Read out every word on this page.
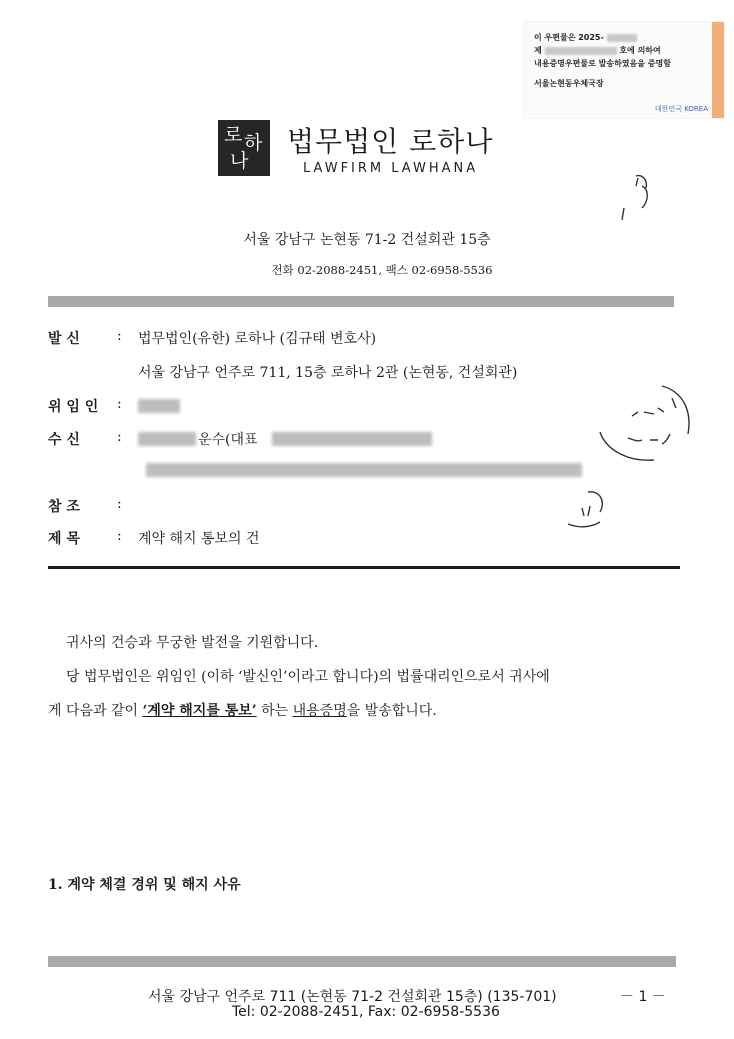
이 우편물은 2025-
제	호에 의하여
내용증명우편물로 발송하였음을 증명함
서울논현동우체국장
대한민국 KOREA
로 하
나
법무법인 로하나
LAWFIRM LAWHANA
서울 강남구 논현동 71-2 건설회관 15층
전화 02-2088-2451, 팩스 02-6958-5536
발 신	: 법무법인(유한) 로하나 (김규태 변호사)
서울 강남구 언주로 711, 15층 로하나 2관 (논현동, 건설회관)
위 임 인 :
수 신	:	운수(대표
참 조	:
제 목	: 계약 해지 통보의 건
귀사의 건승과 무궁한 발전을 기원합니다.
당 법무법인은 위임인 (이하 ‘발신인’이라고 합니다)의 법률대리인으로서 귀사에
게 다음과 같이 ‘계약 해지를 통보’ 하는 내용증명을 발송합니다.
1. 계약 체결 경위 및 해지 사유
서울 강남구 언주로 711 (논현동 71-2 건설회관 15층) (135-701)	－ 1 －
Tel: 02-2088-2451, Fax: 02-6958-5536
